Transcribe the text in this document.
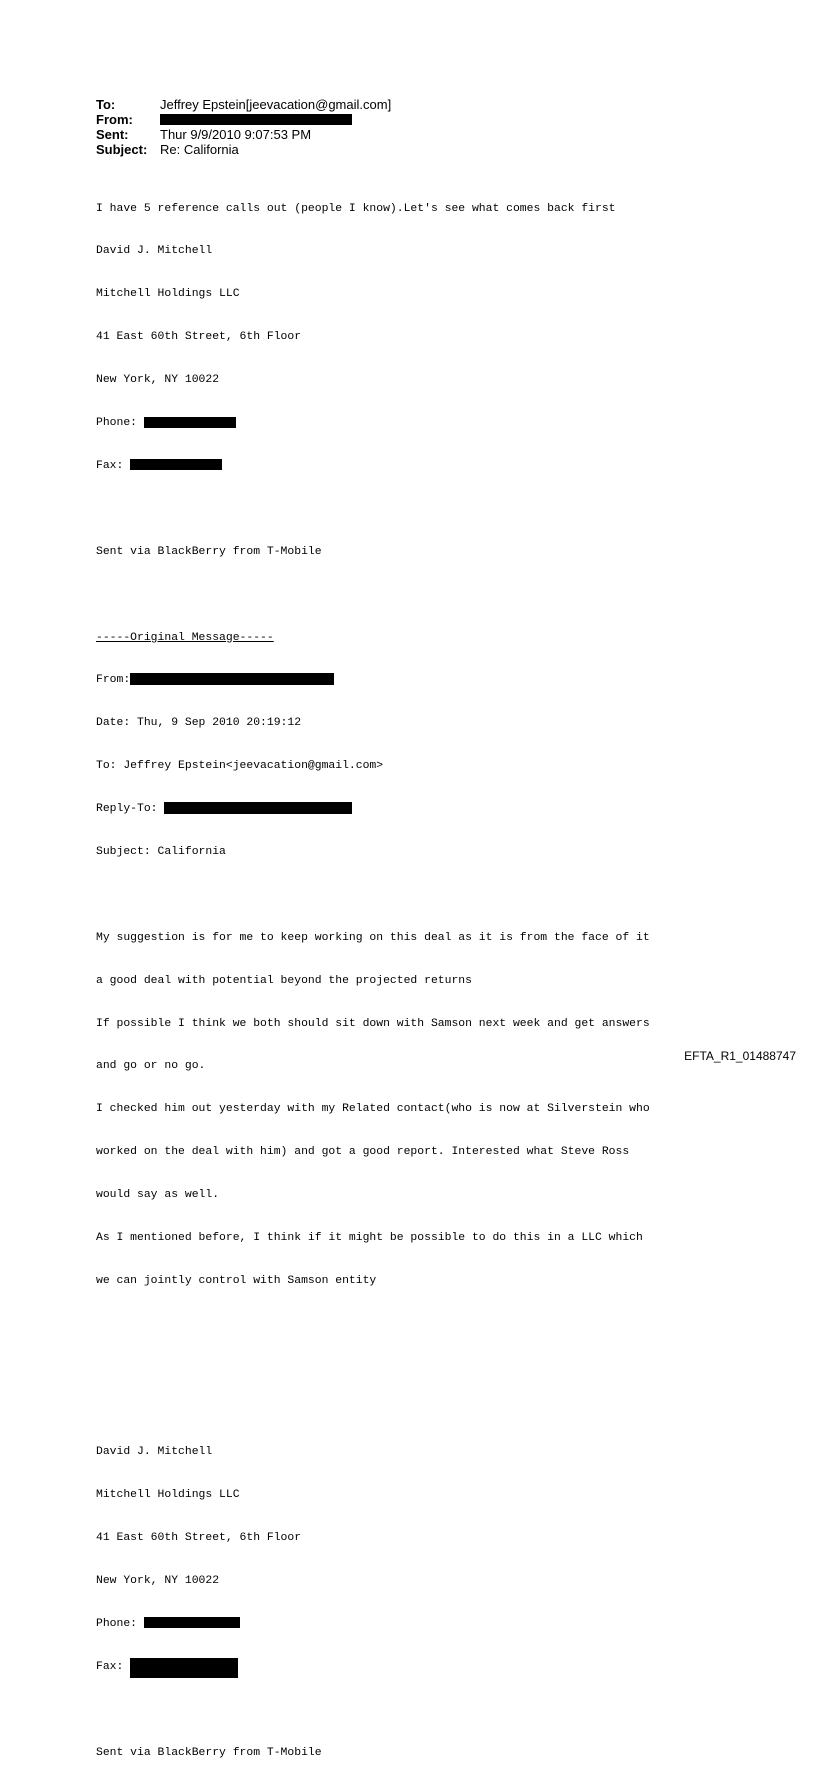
To:	Jeffrey Epstein[jeevacation@gmail.com]
From:
Sent:	Thur 9/9/2010 9:07:53 PM
Subject: Re: California

I have 5 reference calls out (people I know).Let's see what comes back first

David J. Mitchell

Mitchell Holdings LLC

41 East 60th Street, 6th Floor

New York, NY 10022

Phone:

Fax:

Sent via BlackBerry from T-Mobile

-----Original Message-----

From:

Date: Thu, 9 Sep 2010 20:19:12

To: Jeffrey Epstein<jeevacation@gmail.com>

Reply-To:

Subject: California

My suggestion is for me to keep working on this deal as it is from the face of it

a good deal with potential beyond the projected returns

If possible I think we both should sit down with Samson next week and get answers

and go or no go.

I checked him out yesterday with my Related contact(who is now at Silverstein who

worked on the deal with him) and got a good report. Interested what Steve Ross

would say as well.

As I mentioned before, I think if it might be possible to do this in a LLC which

we can jointly control with Samson entity

David J. Mitchell

Mitchell Holdings LLC

41 East 60th Street, 6th Floor

New York, NY 10022

Phone:

Fax:

Sent via BlackBerry from T-Mobile

EFTA_R1_01488747
